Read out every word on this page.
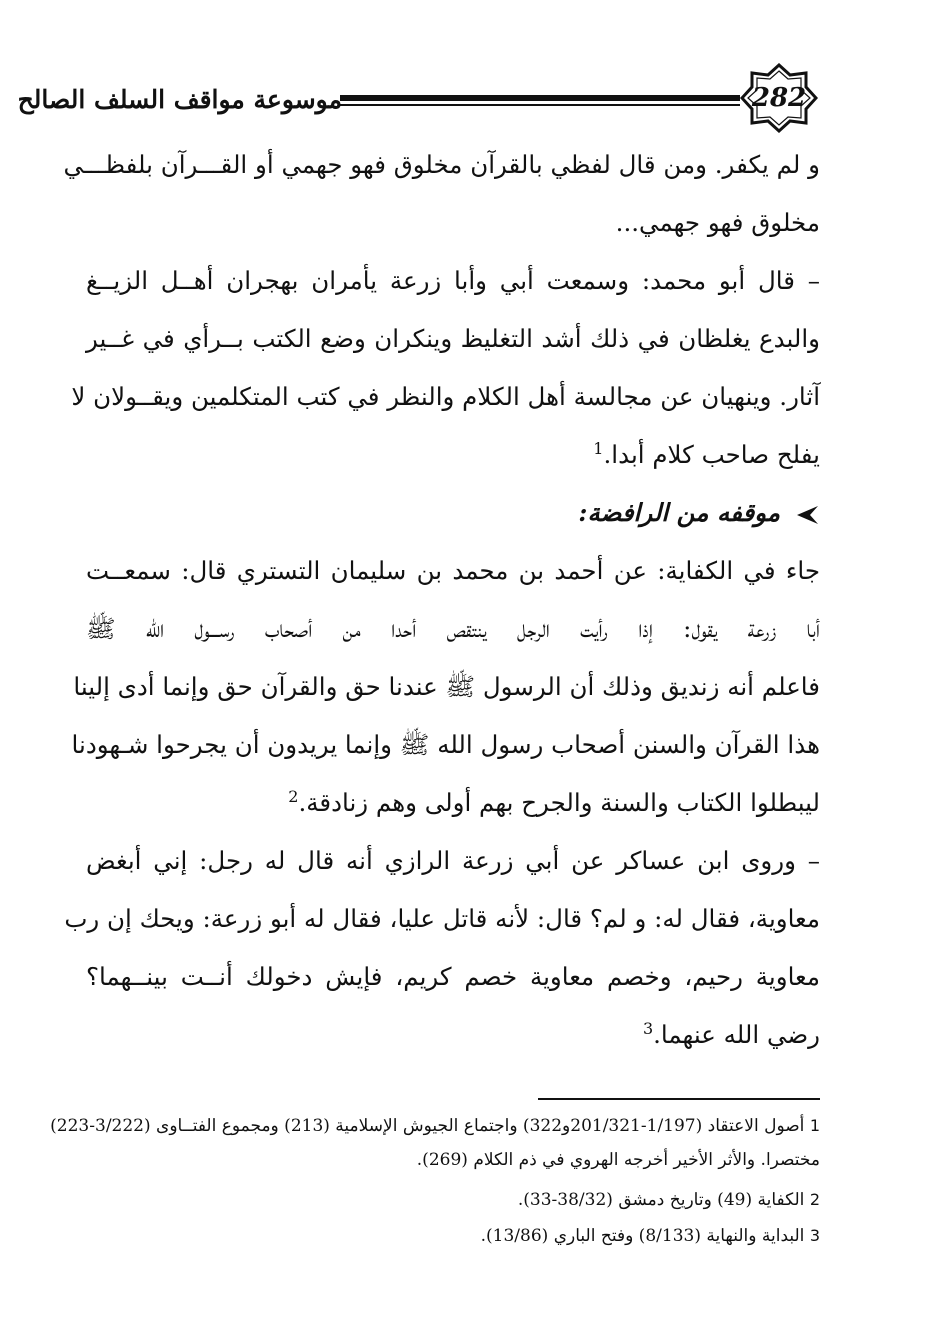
282
موسوعة مواقف السلف الصالح
و لم يكفر. ومن قال لفظي بالقرآن مخلوق فهو جهمي أو القـــرآن بلفظـــي
مخلوق فهو جهمي...
– قال أبو محمد: وسمعت أبي وأبا زرعة يأمران بهجران أهــل الزيــغ
والبدع يغلظان في ذلك أشد التغليظ وينكران وضع الكتب بــرأي في غــير
آثار. وينهيان عن مجالسة أهل الكلام والنظر في كتب المتكلمين ويقــولان لا
يفلح صاحب كلام أبدا.$^1$
موقفه من الرافضة:
جاء في الكفاية: عن أحمد بن محمد بن سليمان التستري قال: سمعــت
أبا زرعة يقول: إذا رأيت الرجل ينتقص أحدا من أصحاب رســـول الله ﷺ
فاعلم أنه زنديق وذلك أن الرسول ﷺ عندنا حق والقرآن حق وإنما أدى إلينا
هذا القرآن والسنن أصحاب رسول الله ﷺ وإنما يريدون أن يجرحوا شـهودنا
ليبطلوا الكتاب والسنة والجرح بهم أولى وهم زنادقة.$^2$
– وروى ابن عساكر عن أبي زرعة الرازي أنه قال له رجل: إني أبغض
معاوية، فقال له: و لم؟ قال: لأنه قاتل عليا، فقال له أبو زرعة: ويحك إن رب
معاوية رحيم، وخصم معاوية خصم كريم، فإيش دخولك أنــت بينــهما؟
رضي الله عنهما.$^3$
1 أصول الاعتقاد (1/197-201/321و322) واجتماع الجيوش الإسلامية (213) ومجموع الفتــاوى (3/222-223)
مختصرا. والأثر الأخير أخرجه الهروي في ذم الكلام (269).
2 الكفاية (49) وتاريخ دمشق (38/32-33).
3 البداية والنهاية (8/133) وفتح الباري (13/86).
